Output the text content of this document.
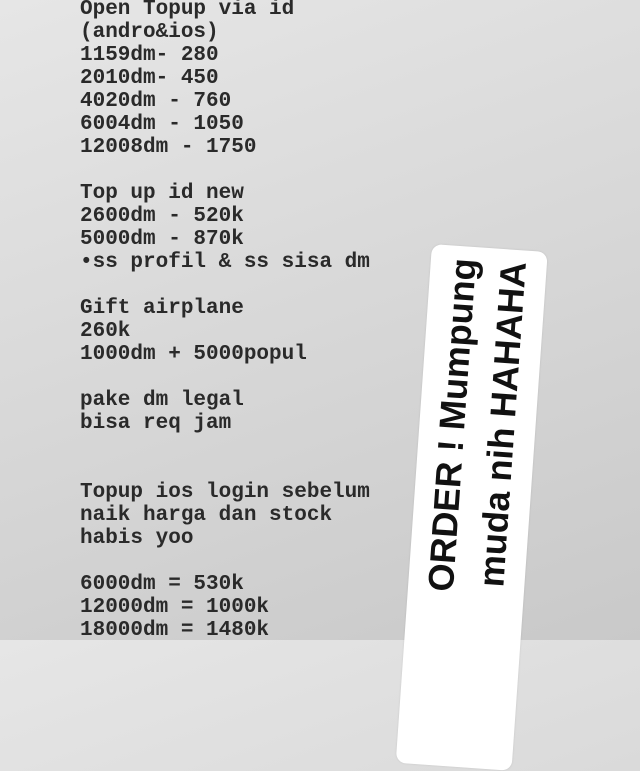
Open Topup via id
(andro&ios)
1159dm- 280
2010dm- 450
4020dm - 760
6004dm - 1050
12008dm - 1750
Top up id new
2600dm - 520k
5000dm - 870k
•ss profil & ss sisa dm
Gift airplane
260k
1000dm + 5000popul
pake dm legal
bisa req jam
Topup ios login sebelum
naik harga dan stock
habis yoo
6000dm = 530k
12000dm = 1000k
18000dm = 1480k
ORDER ! Mumpung
muda nih HAHAHA
